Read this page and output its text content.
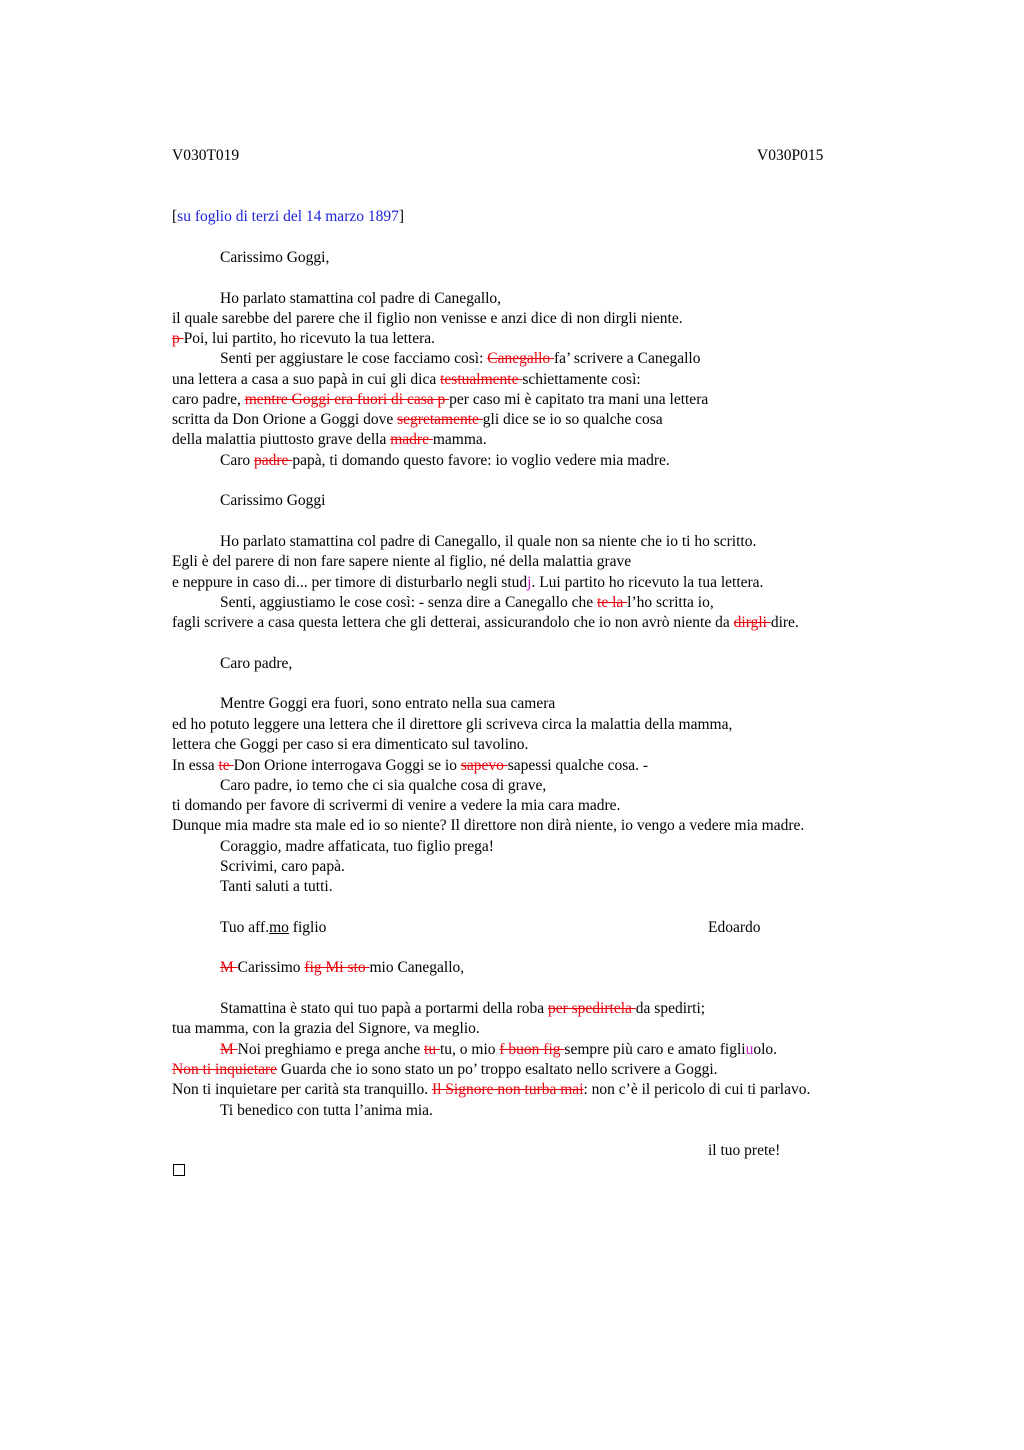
V030T019	V030P015
[su foglio di terzi del 14 marzo 1897]
Carissimo Goggi,
Ho parlato stamattina col padre di Canegallo,
il quale sarebbe del parere che il figlio non venisse e anzi dice di non dirgli niente.
p Poi, lui partito, ho ricevuto la tua lettera.
Senti per aggiustare le cose facciamo così: Canegallo fa’ scrivere a Canegallo
una lettera a casa a suo papà in cui gli dica testualmente schiettamente così:
caro padre, mentre Goggi era fuori di casa p per caso mi è capitato tra mani una lettera
scritta da Don Orione a Goggi dove segretamente gli dice se io so qualche cosa
della malattia piuttosto grave della madre mamma.
Caro padre papà, ti domando questo favore: io voglio vedere mia madre.
Carissimo Goggi
Ho parlato stamattina col padre di Canegallo, il quale non sa niente che io ti ho scritto.
Egli è del parere di non fare sapere niente al figlio, né della malattia grave
e neppure in caso di... per timore di disturbarlo negli studj. Lui partito ho ricevuto la tua lettera.
Senti, aggiustiamo le cose così: - senza dire a Canegallo che te la l’ho scritta io,
fagli scrivere a casa questa lettera che gli detterai, assicurandolo che io non avrò niente da dirgli dire.
Caro padre,
Mentre Goggi era fuori, sono entrato nella sua camera
ed ho potuto leggere una lettera che il direttore gli scriveva circa la malattia della mamma,
lettera che Goggi per caso si era dimenticato sul tavolino.
In essa te Don Orione interrogava Goggi se io sapevo sapessi qualche cosa. -
Caro padre, io temo che ci sia qualche cosa di grave,
ti domando per favore di scrivermi di venire a vedere la mia cara madre.
Dunque mia madre sta male ed io so niente? Il direttore non dirà niente, io vengo a vedere mia madre.
Coraggio, madre affaticata, tuo figlio prega!
Scrivimi, caro papà.
Tanti saluti a tutti.
Tuo aff.mo figlio	Edoardo
M Carissimo fig Mi sto mio Canegallo,
Stamattina è stato qui tuo papà a portarmi della roba per spedirtela da spedirti;
tua mamma, con la grazia del Signore, va meglio.
M Noi preghiamo e prega anche tu tu, o mio f buon fig sempre più caro e amato figliuolo.
Non ti inquietare Guarda che io sono stato un po’ troppo esaltato nello scrivere a Goggi.
Non ti inquietare per carità sta tranquillo. Il Signore non turba mai: non c’è il pericolo di cui ti parlavo.
Ti benedico con tutta l’anima mia.
il tuo prete!
